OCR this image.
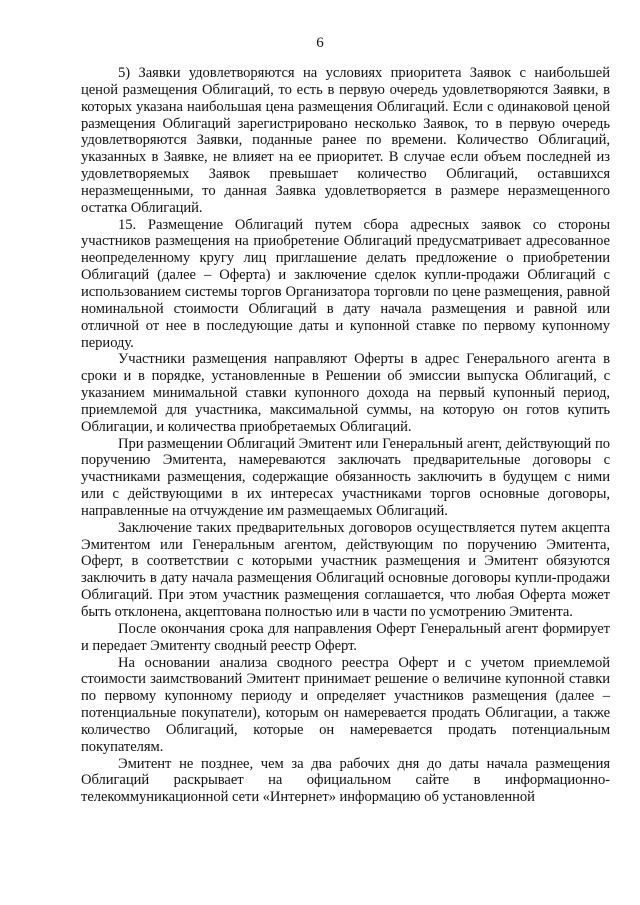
6

5) Заявки удовлетворяются на условиях приоритета Заявок с наибольшей ценой размещения Облигаций, то есть в первую очередь удовлетворяются Заявки, в которых указана наибольшая цена размещения Облигаций. Если с одинаковой ценой размещения Облигаций зарегистрировано несколько Заявок, то в первую очередь удовлетворяются Заявки, поданные ранее по времени. Количество Облигаций, указанных в Заявке, не влияет на ее приоритет. В случае если объем последней из удовлетворяемых Заявок превышает количество Облигаций, оставшихся неразмещенными, то данная Заявка удовлетворяется в размере неразмещенного остатка Облигаций.

15. Размещение Облигаций путем сбора адресных заявок со стороны участников размещения на приобретение Облигаций предусматривает адресованное неопределенному кругу лиц приглашение делать предложение о приобретении Облигаций (далее – Оферта) и заключение сделок купли-продажи Облигаций с использованием системы торгов Организатора торговли по цене размещения, равной номинальной стоимости Облигаций в дату начала размещения и равной или отличной от нее в последующие даты и купонной ставке по первому купонному периоду.

Участники размещения направляют Оферты в адрес Генерального агента в сроки и в порядке, установленные в Решении об эмиссии выпуска Облигаций, с указанием минимальной ставки купонного дохода на первый купонный период, приемлемой для участника, максимальной суммы, на которую он готов купить Облигации, и количества приобретаемых Облигаций.

При размещении Облигаций Эмитент или Генеральный агент, действующий по поручению Эмитента, намереваются заключать предварительные договоры с участниками размещения, содержащие обязанность заключить в будущем с ними или с действующими в их интересах участниками торгов основные договоры, направленные на отчуждение им размещаемых Облигаций.

Заключение таких предварительных договоров осуществляется путем акцепта Эмитентом или Генеральным агентом, действующим по поручению Эмитента, Оферт, в соответствии с которыми участник размещения и Эмитент обязуются заключить в дату начала размещения Облигаций основные договоры купли-продажи Облигаций. При этом участник размещения соглашается, что любая Оферта может быть отклонена, акцептована полностью или в части по усмотрению Эмитента.

После окончания срока для направления Оферт Генеральный агент формирует и передает Эмитенту сводный реестр Оферт.

На основании анализа сводного реестра Оферт и с учетом приемлемой стоимости заимствований Эмитент принимает решение о величине купонной ставки по первому купонному периоду и определяет участников размещения (далее – потенциальные покупатели), которым он намеревается продать Облигации, а также количество Облигаций, которые он намеревается продать потенциальным покупателям.

Эмитент не позднее, чем за два рабочих дня до даты начала размещения Облигаций раскрывает на официальном сайте в информационно-телекоммуникационной сети «Интернет» информацию об установленной
